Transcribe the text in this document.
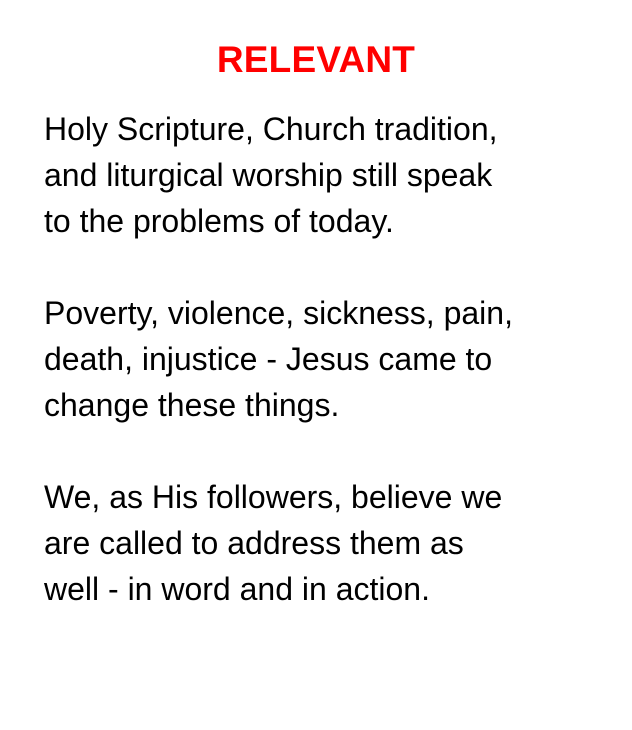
RELEVANT

Holy Scripture, Church tradition,
and liturgical worship still speak
to the problems of today.

Poverty, violence, sickness, pain,
death, injustice - Jesus came to
change these things.

We, as His followers, believe we
are called to address them as
well - in word and in action.
